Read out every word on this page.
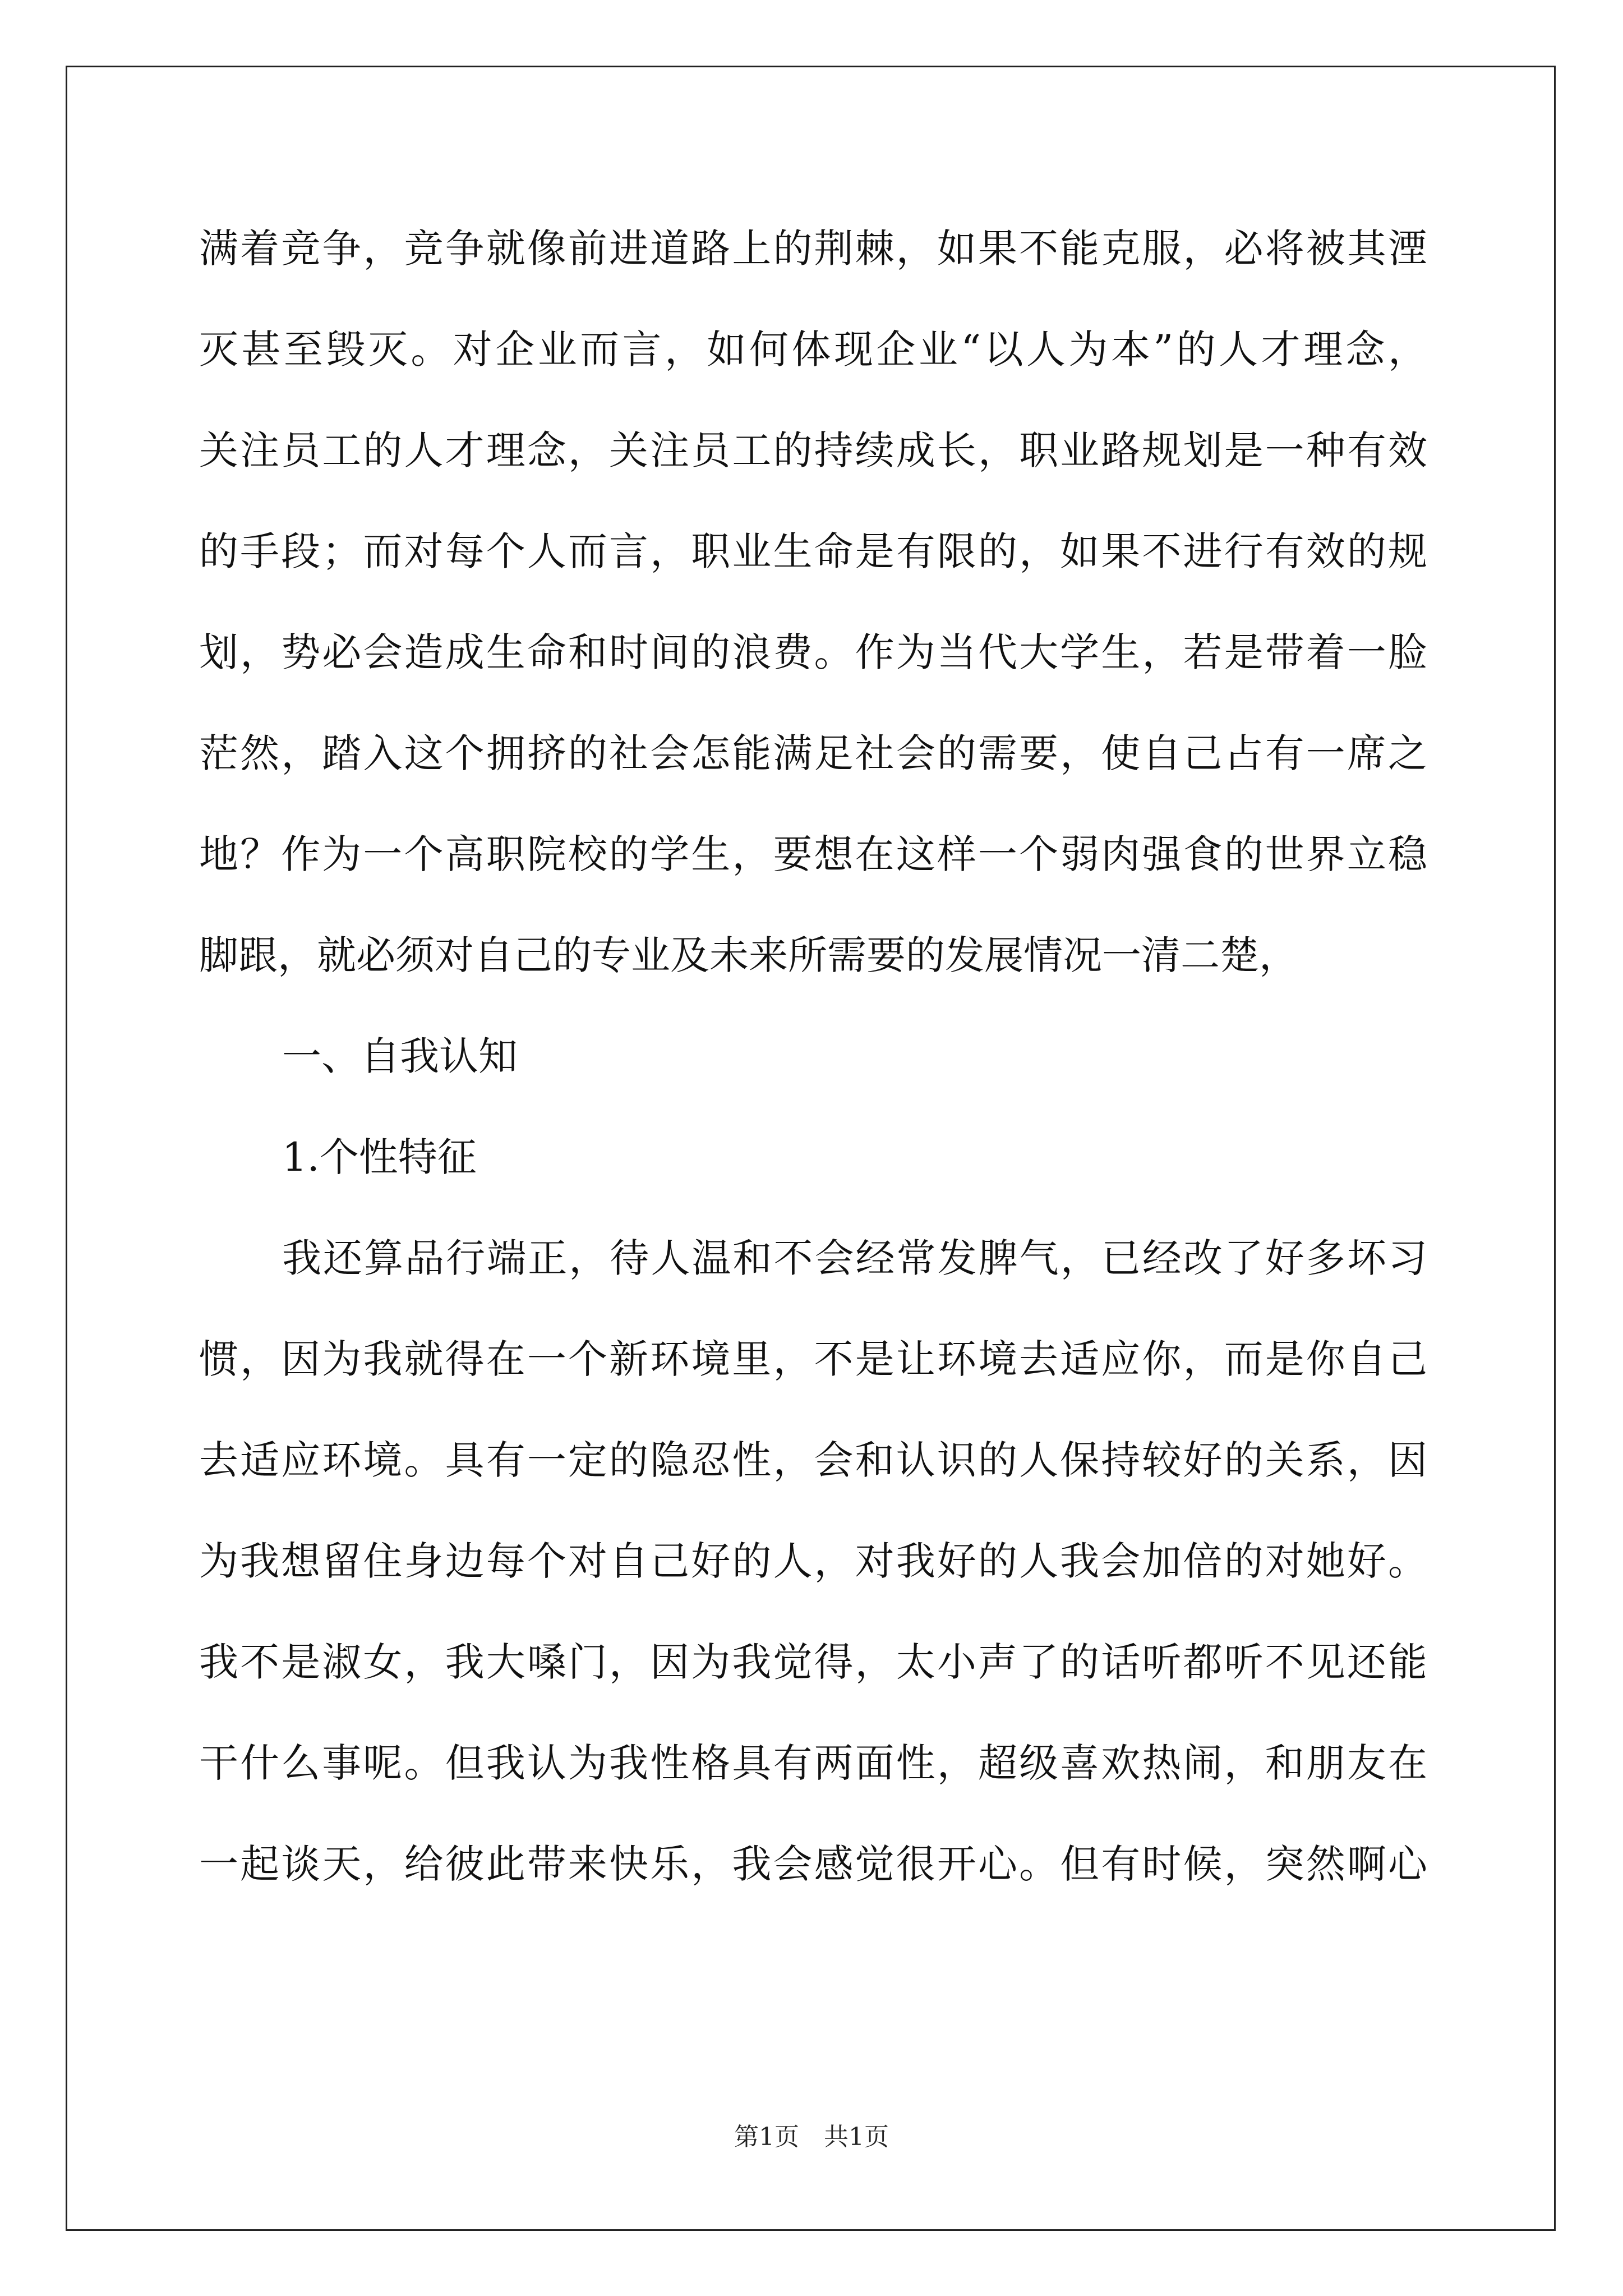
满着竞争，竞争就像前进道路上的荆棘，如果不能克服，必将被其湮
灭甚至毁灭。对企业而言，如何体现企业“以人为本”的人才理念，
关注员工的人才理念，关注员工的持续成长，职业路规划是一种有效
的手段；而对每个人而言，职业生命是有限的，如果不进行有效的规
划，势必会造成生命和时间的浪费。作为当代大学生，若是带着一脸
茫然，踏入这个拥挤的社会怎能满足社会的需要，使自己占有一席之
地？作为一个高职院校的学生，要想在这样一个弱肉强食的世界立稳
脚跟，就必须对自己的专业及未来所需要的发展情况一清二楚，
一、自我认知
1.个性特征
我还算品行端正，待人温和不会经常发脾气，已经改了好多坏习
惯，因为我就得在一个新环境里，不是让环境去适应你，而是你自己
去适应环境。具有一定的隐忍性，会和认识的人保持较好的关系，因
为我想留住身边每个对自己好的人，对我好的人我会加倍的对她好。
我不是淑女，我大嗓门，因为我觉得，太小声了的话听都听不见还能
干什么事呢。但我认为我性格具有两面性，超级喜欢热闹，和朋友在
一起谈天，给彼此带来快乐，我会感觉很开心。但有时候，突然啊心
第1页　共1页
